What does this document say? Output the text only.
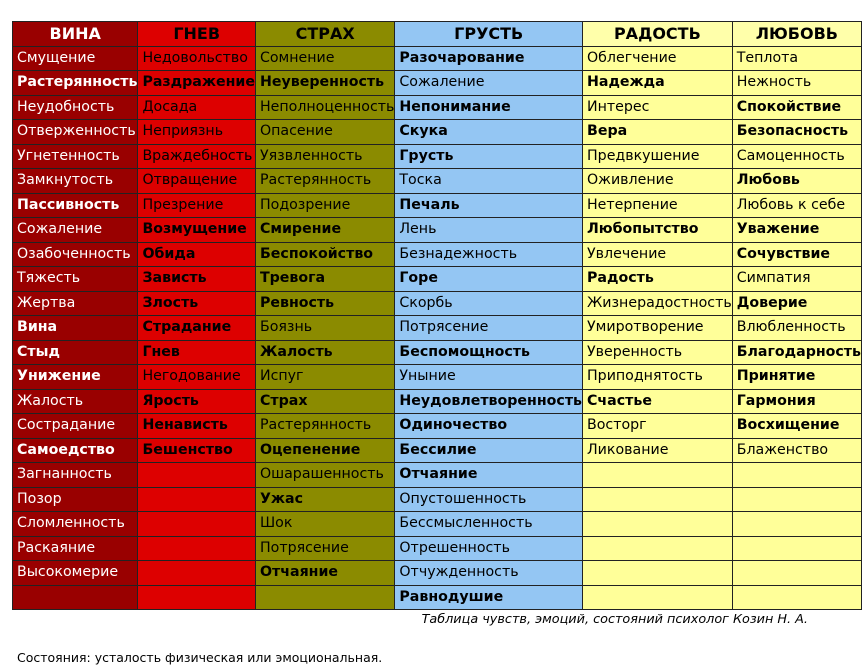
ВИНА	ГНЕВ	СТРАХ	ГРУСТЬ	РАДОСТЬ	ЛЮБОВЬ
Смущение	Недовольство	Сомнение	Разочарование	Облегчение	Теплота
Растерянность	Раздражение	Неуверенность	Сожаление	Надежда	Нежность
Неудобность	Досада	Неполноценность	Непонимание	Интерес	Спокойствие
Отверженность	Неприязнь	Опасение	Скука	Вера	Безопасность
Угнетенность	Враждебность	Уязвленность	Грусть	Предвкушение	Самоценность
Замкнутость	Отвращение	Растерянность	Тоска	Оживление	Любовь
Пассивность	Презрение	Подозрение	Печаль	Нетерпение	Любовь к себе
Сожаление	Возмущение	Смирение	Лень	Любопытство	Уважение
Озабоченность	Обида	Беспокойство	Безнадежность	Увлечение	Сочувствие
Тяжесть	Зависть	Тревога	Горе	Радость	Симпатия
Жертва	Злость	Ревность	Скорбь	Жизнерадостность	Доверие
Вина	Страдание	Боязнь	Потрясение	Умиротворение	Влюбленность
Стыд	Гнев	Жалость	Беспомощность	Уверенность	Благодарность
Унижение	Негодование	Испуг	Уныние	Приподнятость	Принятие
Жалость	Ярость	Страх	Неудовлетворенность	Счастье	Гармония
Сострадание	Ненависть	Растерянность	Одиночество	Восторг	Восхищение
Самоедство	Бешенство	Оцепенение	Бессилие	Ликование	Блаженство
Загнанность		Ошарашенность	Отчаяние		
Позор		Ужас	Опустошенность		
Сломленность		Шок	Бессмысленность		
Раскаяние		Потрясение	Отрешенность		
Высокомерие		Отчаяние	Отчужденность		
			Равнодушие		
Таблица чувств, эмоций, состояний психолог Козин Н. А.
Состояния: усталость физическая или эмоциональная.
